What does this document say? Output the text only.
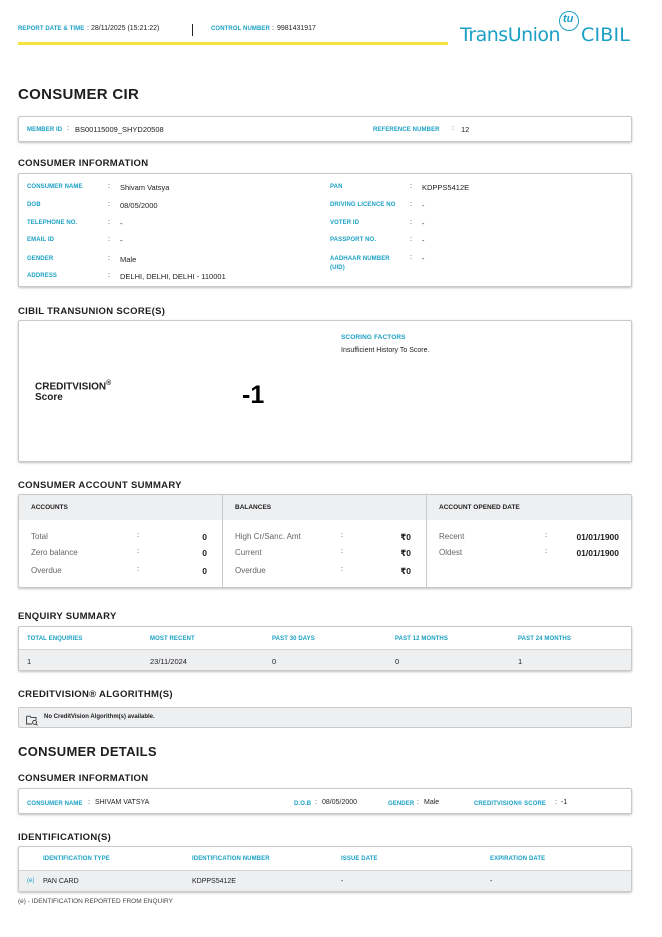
REPORT DATE & TIME : 28/11/2025 (15:21:22)	CONTROL NUMBER : 9981431917	TransUnion
tu
CIBIL
CONSUMER CIR
MEMBER ID : BS00115009_SHYD20508	REFERENCE NUMBER : 12
CONSUMER INFORMATION
CONSUMER NAME	: Shivam Vatsya
DOB	: 08/05/2000
TELEPHONE NO.	: -
EMAIL ID	: -
GENDER	: Male
ADDRESS	: DELHI, DELHI, DELHI - 110001
PAN	: KDPPS5412E
DRIVING LICENCE NO : -
VOTER ID	: -
PASSPORT NO.	: -
AADHAAR NUMBER (UID)
: -
CIBIL TRANSUNION SCORE(S)
CREDITVISION®
Score	-1
SCORING FACTORS
Insufficient History To Score.
CONSUMER ACCOUNT SUMMARY
ACCOUNTS
Total	:	0
Zero balance	:	0
Overdue	:	0
BALANCES
High Cr/Sanc. Amt	:	₹0
Current	:	₹0
Overdue	:	₹0
ACCOUNT OPENED DATE
Recent	:	01/01/1900
Oldest	:	01/01/1900
ENQUIRY SUMMARY
TOTAL ENQUIRIES	MOST RECENT	PAST 30 DAYS	PAST 12 MONTHS	PAST 24 MONTHS
1	23/11/2024	0	0	1
CREDITVISION® ALGORITHM(S)
No CreditVision Algorithm(s) available.
CONSUMER DETAILS
CONSUMER INFORMATION
CONSUMER NAME : SHIVAM VATSYA	D.O.B : 08/05/2000	GENDER : Male	CREDITVISION® SCORE : -1
IDENTIFICATION(S)
IDENTIFICATION TYPE	IDENTIFICATION NUMBER	ISSUE DATE	EXPIRATION DATE
(e) PAN CARD	KDPPS5412E	-	-
(e) - IDENTIFICATION REPORTED FROM ENQUIRY
